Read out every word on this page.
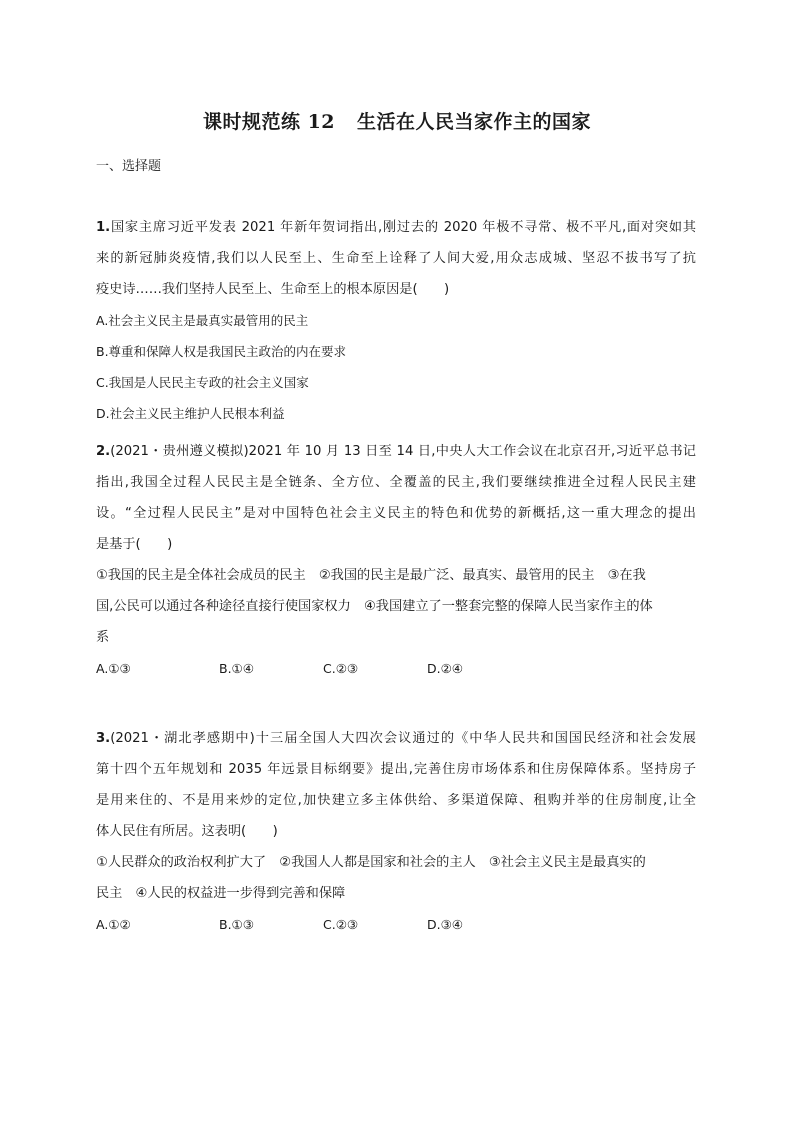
课时规范练 12 生活在人民当家作主的国家
一、选择题
1.国家主席习近平发表 2021 年新年贺词指出,刚过去的 2020 年极不寻常、极不平凡,面对突如其
来的新冠肺炎疫情,我们以人民至上、生命至上诠释了人间大爱,用众志成城、坚忍不拔书写了抗
疫史诗……我们坚持人民至上、生命至上的根本原因是(　　)
A.社会主义民主是最真实最管用的民主
B.尊重和保障人权是我国民主政治的内在要求
C.我国是人民民主专政的社会主义国家
D.社会主义民主维护人民根本利益
2.(2021・贵州遵义模拟)2021 年 10 月 13 日至 14 日,中央人大工作会议在北京召开,习近平总书记
指出,我国全过程人民民主是全链条、全方位、全覆盖的民主,我们要继续推进全过程人民民主建
设。“全过程人民民主”是对中国特色社会主义民主的特色和优势的新概括,这一重大理念的提出
是基于(　　)
①我国的民主是全体社会成员的民主　②我国的民主是最广泛、最真实、最管用的民主　③在我
国,公民可以通过各种途径直接行使国家权力　④我国建立了一整套完整的保障人民当家作主的体
系
A.①③	B.①④	C.②③	D.②④
3.(2021・湖北孝感期中)十三届全国人大四次会议通过的《中华人民共和国国民经济和社会发展
第十四个五年规划和 2035 年远景目标纲要》提出,完善住房市场体系和住房保障体系。坚持房子
是用来住的、不是用来炒的定位,加快建立多主体供给、多渠道保障、租购并举的住房制度,让全
体人民住有所居。这表明(　　)
①人民群众的政治权利扩大了　②我国人人都是国家和社会的主人　③社会主义民主是最真实的
民主　④人民的权益进一步得到完善和保障
A.①②	B.①③	C.②③	D.③④
